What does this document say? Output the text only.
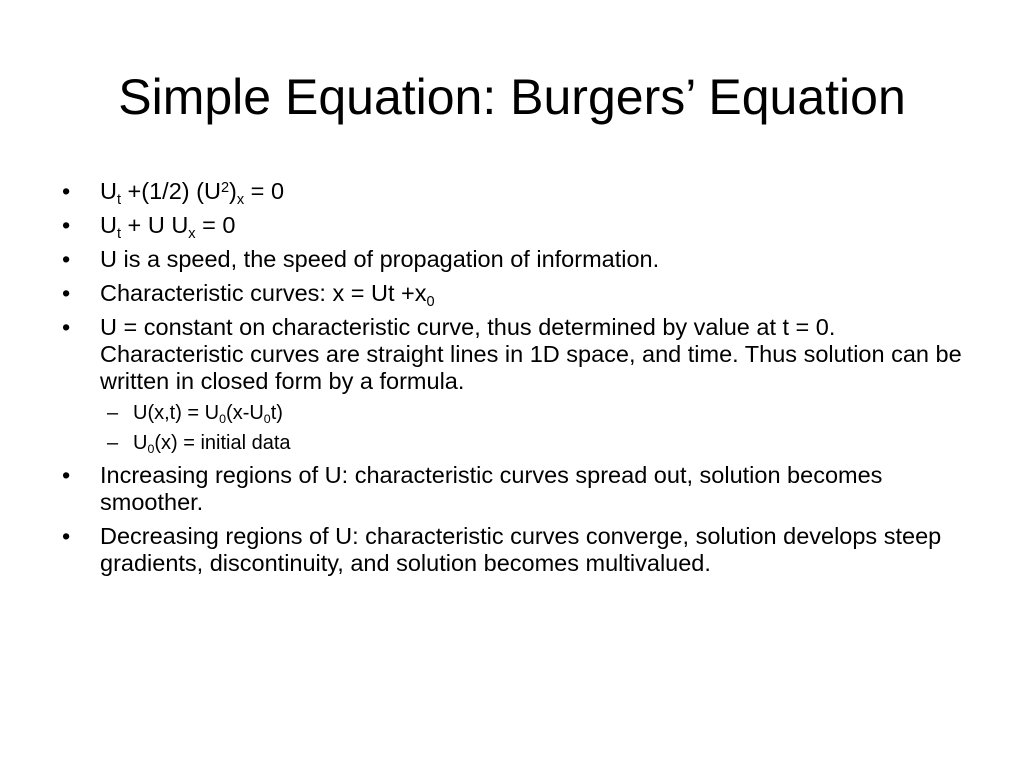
Simple Equation: Burgers’ Equation
• $U_t +(1/2) (U^2)_x = 0$
• $U_t + U$ $U_x = 0$
• U is a speed, the speed of propagation of information.
• Characteristic curves: $x = Ut +x_0$
• U = constant on characteristic curve, thus determined by value at t = 0. Characteristic curves are straight lines in 1D space, and time. Thus solution can be written in closed form by a formula.
– $U(x,t) = U_0(x-U_0t)$
– $U_0(x)$ = initial data
• Increasing regions of U: characteristic curves spread out, solution becomes smoother.
• Decreasing regions of U: characteristic curves converge, solution develops steep gradients, discontinuity, and solution becomes multivalued.
